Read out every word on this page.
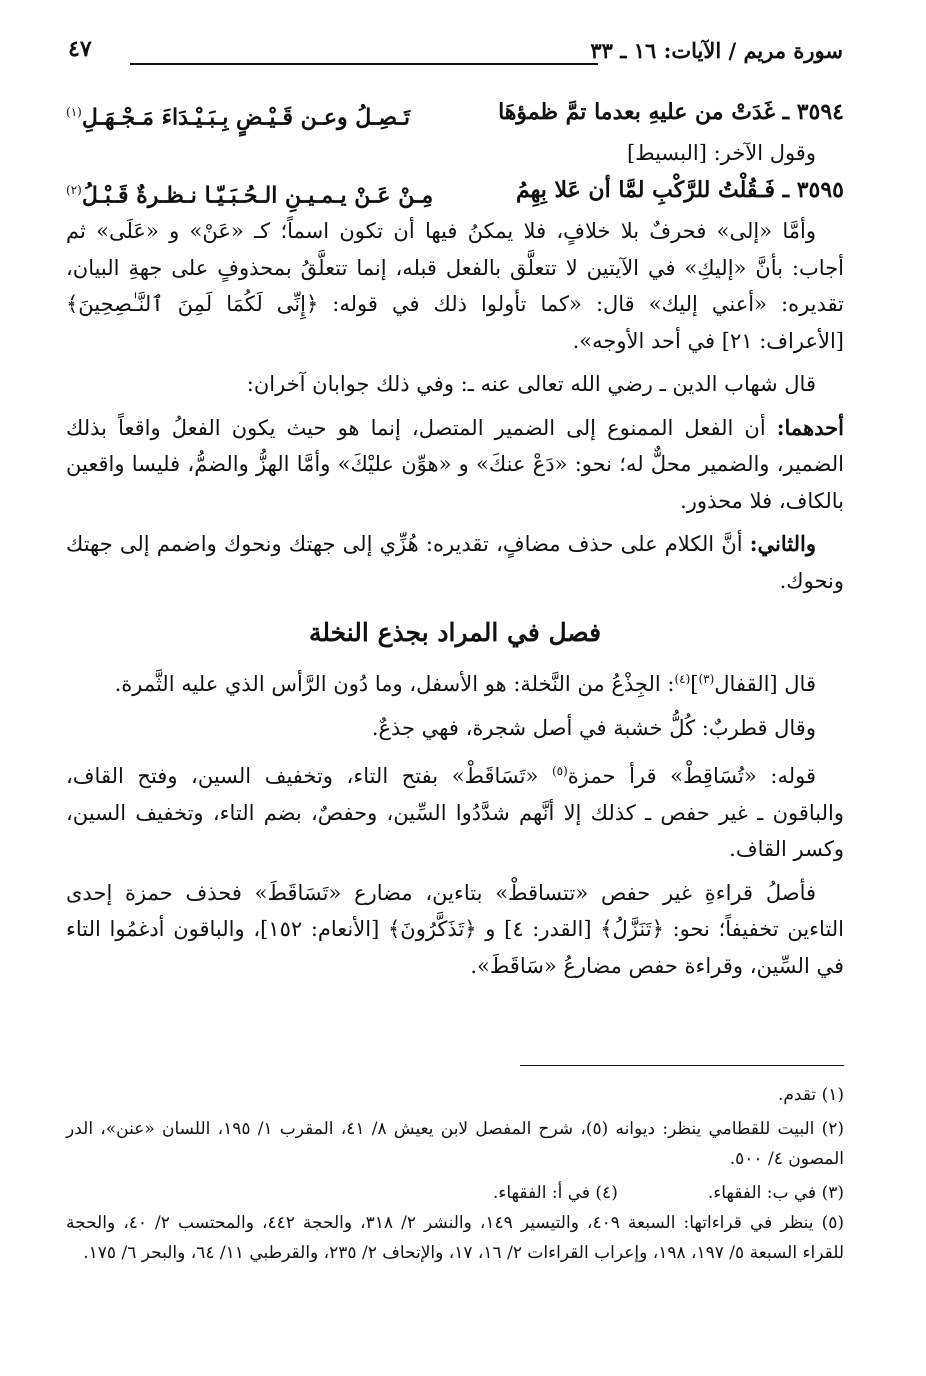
سورة مريم / الآيات: ١٦ ـ ٣٣
٤٧
٣٥٩٤ ـ غَدَتْ من عليهِ بعدما تمَّ ظمؤهَا
تَـصِـلُ وعـن قَـيْـضٍ بِـبَـيْـدَاءَ مَـجْـهَـلِ$^{(١)}$

وقول الآخر: [البسيط]

٣٥٩٥ ـ فَـقُلْتُ للرَّكْبِ لمَّا أن عَلا بِهِمُ
مِـنْ عَـنْ يـمـيـنِ الـحُـبَـيّـا نـظـرةٌ قَـبْـلُ$^{(٢)}$

وأمَّا «إلى» فحرفٌ بلا خلافٍ، فلا يمكنُ فيها أن تكون اسماً؛ كـ «عَنْ» و «عَلَى» ثم أجاب: بأنَّ «إليكِ» في الآيتين لا تتعلَّق بالفعل قبله، إنما تتعلَّقُ بمحذوفٍ على جهةِ البيان، تقديره: «أعني إليك» قال: «كما تأولوا ذلك في قوله: ﴿إِنِّى لَكُمَا لَمِنَ ٱلنَّـٰصِحِينَ﴾ [الأعراف: ٢١] في أحد الأوجه».

قال شهاب الدين ـ رضي الله تعالى عنه ـ: وفي ذلك جوابان آخران:

أحدهما: أن الفعل الممنوع إلى الضمير المتصل، إنما هو حيث يكون الفعلُ واقعاً بذلك الضمير، والضمير محلٌّ له؛ نحو: «دَعْ عنكَ» و «هوِّن عليْكَ» وأمَّا الهزُّ والضمُّ، فليسا واقعين بالكاف، فلا محذور.

والثاني: أنَّ الكلام على حذف مضافٍ، تقديره: هُزِّي إلى جهتك ونحوك واضمم إلى جهتك ونحوك.

فصل في المراد بجذع النخلة

قال [القفال$^{(٣)}$]$^{(٤)}$: الجِذْعُ من النَّخلة: هو الأسفل، وما دُون الرَّأس الذي عليه الثَّمرة.

وقال قطربٌ: كُلُّ خشبة في أصل شجرة، فهي جذعٌ.

قوله: «تُسَاقِطْ» قرأ حمزة$^{(٥)}$ «تَسَاقَطْ» بفتح التاء، وتخفيف السين، وفتح القاف، والباقون ـ غير حفص ـ كذلك إلا أنَّهم شدَّدُوا السِّين، وحفصٌ، بضم التاء، وتخفيف السين، وكسر القاف.

فأصلُ قراءةِ غير حفص «تتساقطْ» بتاءين، مضارع «تَسَاقَطَ» فحذف حمزة إحدى التاءين تخفيفاً؛ نحو: ﴿تَنَزَّلُ﴾ [القدر: ٤] و ﴿تَذَكَّرُونَ﴾ [الأنعام: ١٥٢]، والباقون أدغمُوا التاء في السِّين، وقراءة حفص مضارعُ «سَاقَطَ».

(١) تقدم.

(٢) البيت للقطامي ينظر: ديوانه (٥)، شرح المفصل لابن يعيش ٨/ ٤١، المقرب ١/ ١٩٥، اللسان «عنن»، الدر المصون ٤/ ٥٠٠.

(٣) في ب: الفقهاء.
(٤) في أ: الفقهاء.

(٥) ينظر في قراءاتها: السبعة ٤٠٩، والتيسير ١٤٩، والنشر ٢/ ٣١٨، والحجة ٤٤٢، والمحتسب ٢/ ٤٠، والحجة للقراء السبعة ٥/ ١٩٧، ١٩٨، وإعراب القراءات ٢/ ١٦، ١٧، والإتحاف ٢/ ٢٣٥، والقرطبي ١١/ ٦٤، والبحر ٦/ ١٧٥.
